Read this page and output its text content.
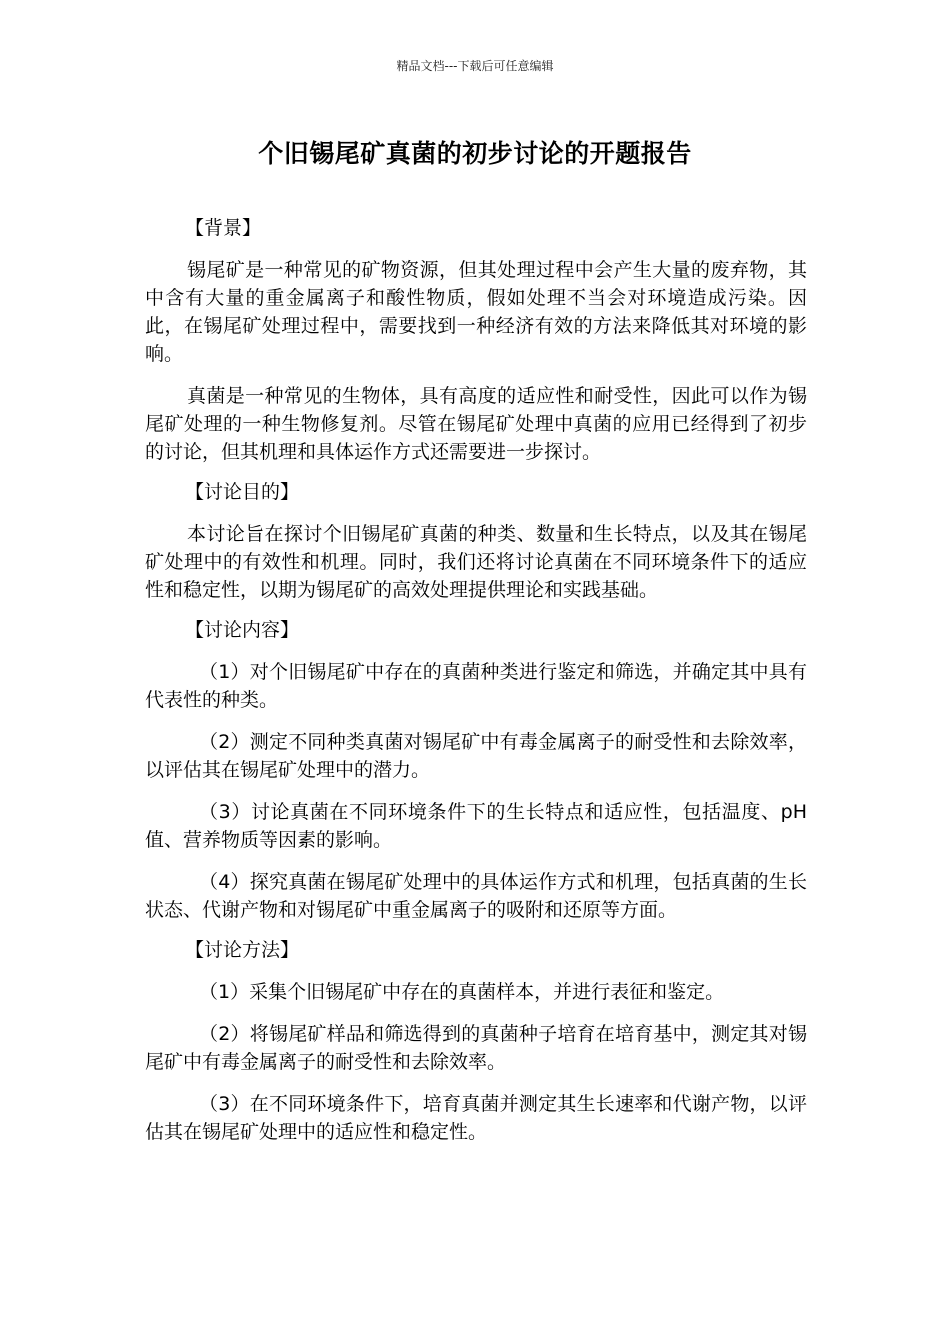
精品文档---下载后可任意编辑
个旧锡尾矿真菌的初步讨论的开题报告

【背景】

锡尾矿是一种常见的矿物资源，但其处理过程中会产生大量的废弃物，其中含有大量的重金属离子和酸性物质，假如处理不当会对环境造成污染。因此，在锡尾矿处理过程中，需要找到一种经济有效的方法来降低其对环境的影响。

真菌是一种常见的生物体，具有高度的适应性和耐受性，因此可以作为锡尾矿处理的一种生物修复剂。尽管在锡尾矿处理中真菌的应用已经得到了初步的讨论，但其机理和具体运作方式还需要进一步探讨。

【讨论目的】

本讨论旨在探讨个旧锡尾矿真菌的种类、数量和生长特点，以及其在锡尾矿处理中的有效性和机理。同时，我们还将讨论真菌在不同环境条件下的适应性和稳定性，以期为锡尾矿的高效处理提供理论和实践基础。

【讨论内容】

（1）对个旧锡尾矿中存在的真菌种类进行鉴定和筛选，并确定其中具有代表性的种类。

（2）测定不同种类真菌对锡尾矿中有毒金属离子的耐受性和去除效率，以评估其在锡尾矿处理中的潜力。

（3）讨论真菌在不同环境条件下的生长特点和适应性，包括温度、pH 值、营养物质等因素的影响。

（4）探究真菌在锡尾矿处理中的具体运作方式和机理，包括真菌的生长状态、代谢产物和对锡尾矿中重金属离子的吸附和还原等方面。

【讨论方法】

（1）采集个旧锡尾矿中存在的真菌样本，并进行表征和鉴定。

（2）将锡尾矿样品和筛选得到的真菌种子培育在培育基中，测定其对锡尾矿中有毒金属离子的耐受性和去除效率。

（3）在不同环境条件下，培育真菌并测定其生长速率和代谢产物，以评估其在锡尾矿处理中的适应性和稳定性。
